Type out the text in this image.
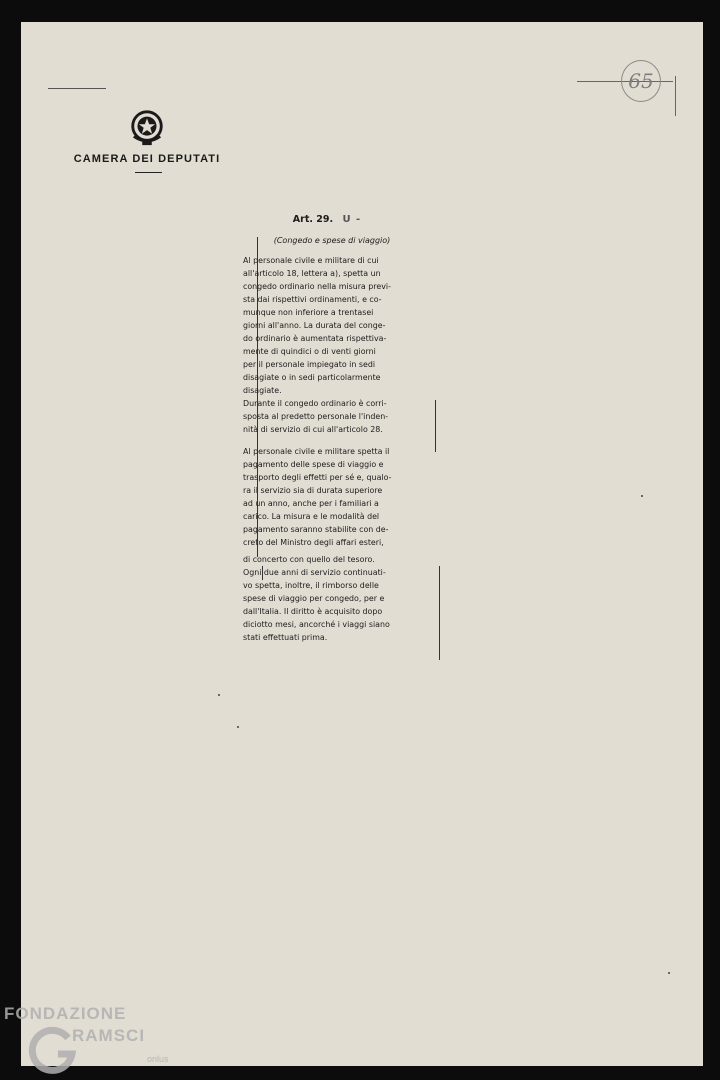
65
CAMERA DEI DEPUTATI
Art. 29. U -
(Congedo e spese di viaggio)

Al personale civile e militare di cui
all'articolo 18, lettera a), spetta un
congedo ordinario nella misura previ-
sta dai rispettivi ordinamenti, e co-
munque non inferiore a trentasei
giorni all'anno. La durata del conge-
do ordinario è aumentata rispettiva-
mente di quindici o di venti giorni
per il personale impiegato in sedi
disagiate o in sedi particolarmente
disagiate.

Durante il congedo ordinario è corri-
sposta al predetto personale l'inden-
nità di servizio di cui all'articolo 28.

Al personale civile e militare spetta il
pagamento delle spese di viaggio e
trasporto degli effetti per sé e, qualo-
ra il servizio sia di durata superiore
ad un anno, anche per i familiari a
carico. La misura e le modalità del
pagamento saranno stabilite con de-
creto del Ministro degli affari esteri,

di concerto con quello del tesoro.
Ogni due anni di servizio continuati-
vo spetta, inoltre, il rimborso delle
spese di viaggio per congedo, per e
dall'Italia. Il diritto è acquisito dopo
diciotto mesi, ancorché i viaggi siano
stati effettuati prima.

FONDAZIONE
RAMSCI
onlus
